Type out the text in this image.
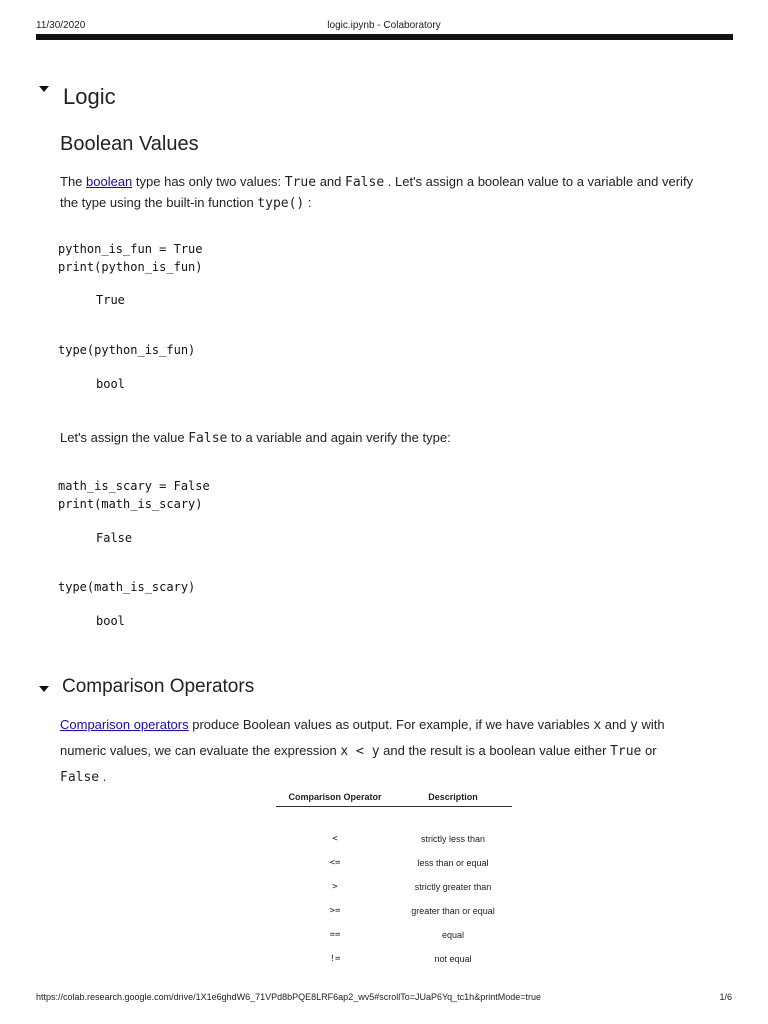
11/30/2020	logic.ipynb - Colaboratory
Logic
Boolean Values
The boolean type has only two values: True and False . Let's assign a boolean value to a variable and verify
the type using the built-in function type() :
python_is_fun = True
print(python_is_fun)
True
type(python_is_fun)
bool
Let's assign the value False to a variable and again verify the type:
math_is_scary = False
print(math_is_scary)
False
type(math_is_scary)
bool
Comparison Operators
Comparison operators produce Boolean values as output. For example, if we have variables x and y with
numeric values, we can evaluate the expression x < y and the result is a boolean value either True or
False .
Comparison Operator	Description
<	strictly less than
<=	less than or equal
>	strictly greater than
>=	greater than or equal
==	equal
!=	not equal
https://colab.research.google.com/drive/1X1e6ghdW6_71VPd8bPQE8LRF6ap2_wv5#scrollTo=JUaP6Yq_tc1h&printMode=true	1/6
